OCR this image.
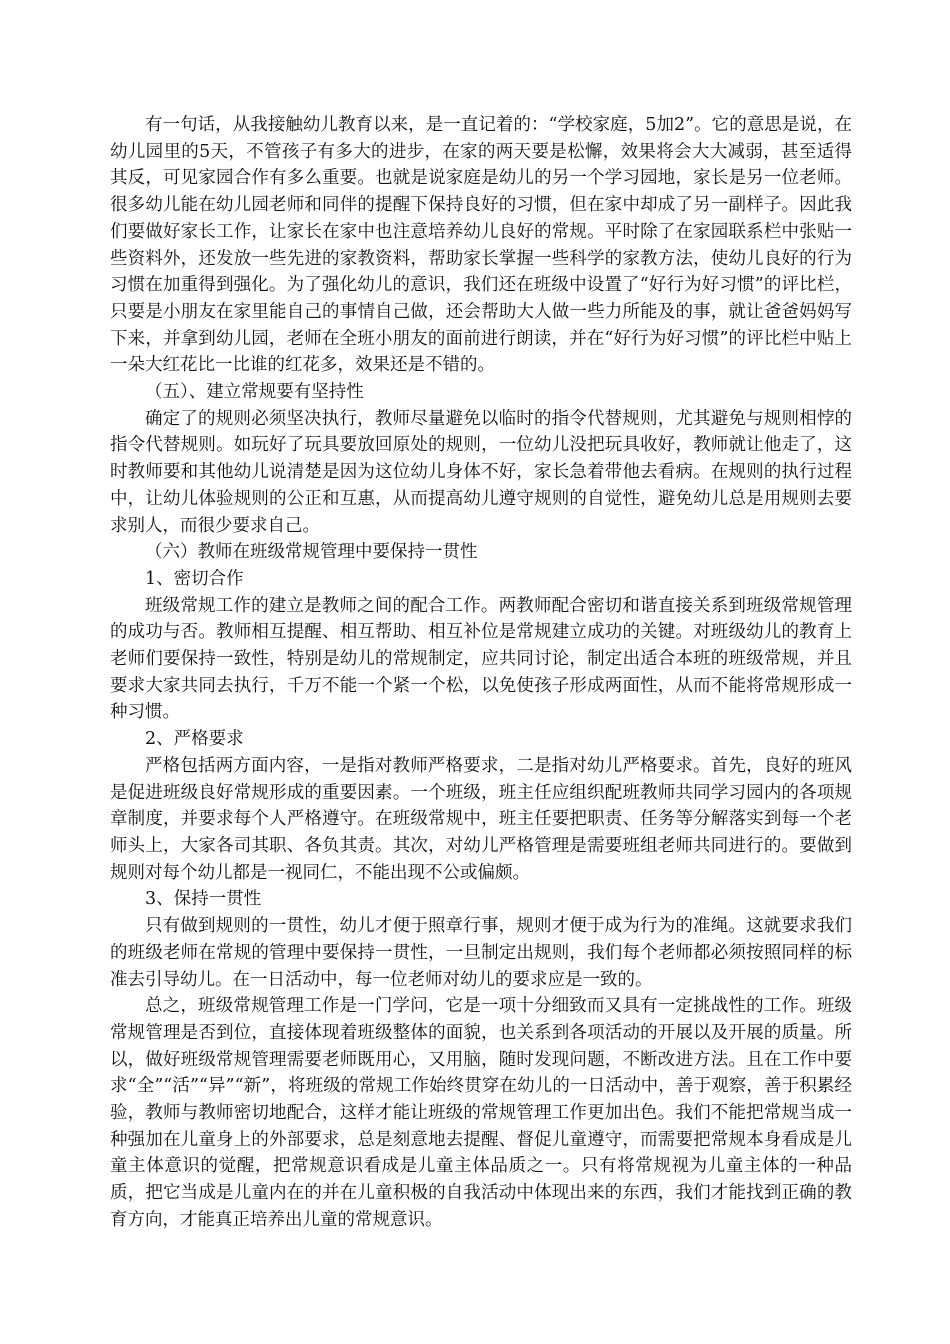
有一句话，从我接触幼儿教育以来，是一直记着的：“学校家庭，5加2”。它的意思是说，在幼儿园里的5天，不管孩子有多大的进步，在家的两天要是松懈，效果将会大大减弱，甚至适得其反，可见家园合作有多么重要。也就是说家庭是幼儿的另一个学习园地，家长是另一位老师。很多幼儿能在幼儿园老师和同伴的提醒下保持良好的习惯，但在家中却成了另一副样子。因此我们要做好家长工作，让家长在家中也注意培养幼儿良好的常规。平时除了在家园联系栏中张贴一些资料外，还发放一些先进的家教资料，帮助家长掌握一些科学的家教方法，使幼儿良好的行为习惯在加重得到强化。为了强化幼儿的意识，我们还在班级中设置了“好行为好习惯”的评比栏，只要是小朋友在家里能自己的事情自己做，还会帮助大人做一些力所能及的事，就让爸爸妈妈写下来，并拿到幼儿园，老师在全班小朋友的面前进行朗读，并在“好行为好习惯”的评比栏中贴上一朵大红花比一比谁的红花多，效果还是不错的。

（五）、建立常规要有坚持性

确定了的规则必须坚决执行，教师尽量避免以临时的指令代替规则，尤其避免与规则相悖的指令代替规则。如玩好了玩具要放回原处的规则，一位幼儿没把玩具收好，教师就让他走了，这时教师要和其他幼儿说清楚是因为这位幼儿身体不好，家长急着带他去看病。在规则的执行过程中，让幼儿体验规则的公正和互惠，从而提高幼儿遵守规则的自觉性，避免幼儿总是用规则去要求别人，而很少要求自己。

（六）教师在班级常规管理中要保持一贯性

1、密切合作

班级常规工作的建立是教师之间的配合工作。两教师配合密切和谐直接关系到班级常规管理的成功与否。教师相互提醒、相互帮助、相互补位是常规建立成功的关键。对班级幼儿的教育上老师们要保持一致性，特别是幼儿的常规制定，应共同讨论，制定出适合本班的班级常规，并且要求大家共同去执行，千万不能一个紧一个松，以免使孩子形成两面性，从而不能将常规形成一种习惯。

2、严格要求

严格包括两方面内容，一是指对教师严格要求，二是指对幼儿严格要求。首先，良好的班风是促进班级良好常规形成的重要因素。一个班级，班主任应组织配班教师共同学习园内的各项规章制度，并要求每个人严格遵守。在班级常规中，班主任要把职责、任务等分解落实到每一个老师头上，大家各司其职、各负其责。其次，对幼儿严格管理是需要班组老师共同进行的。要做到规则对每个幼儿都是一视同仁，不能出现不公或偏颇。

3、保持一贯性

只有做到规则的一贯性，幼儿才便于照章行事，规则才便于成为行为的准绳。这就要求我们的班级老师在常规的管理中要保持一贯性，一旦制定出规则，我们每个老师都必须按照同样的标准去引导幼儿。在一日活动中，每一位老师对幼儿的要求应是一致的。

总之，班级常规管理工作是一门学问，它是一项十分细致而又具有一定挑战性的工作。班级常规管理是否到位，直接体现着班级整体的面貌，也关系到各项活动的开展以及开展的质量。所以，做好班级常规管理需要老师既用心，又用脑，随时发现问题，不断改进方法。且在工作中要求“全”“活”“异”“新”，将班级的常规工作始终贯穿在幼儿的一日活动中，善于观察，善于积累经验，教师与教师密切地配合，这样才能让班级的常规管理工作更加出色。我们不能把常规当成一种强加在儿童身上的外部要求，总是刻意地去提醒、督促儿童遵守，而需要把常规本身看成是儿童主体意识的觉醒，把常规意识看成是儿童主体品质之一。只有将常规视为儿童主体的一种品质，把它当成是儿童内在的并在儿童积极的自我活动中体现出来的东西，我们才能找到正确的教育方向，才能真正培养出儿童的常规意识。
